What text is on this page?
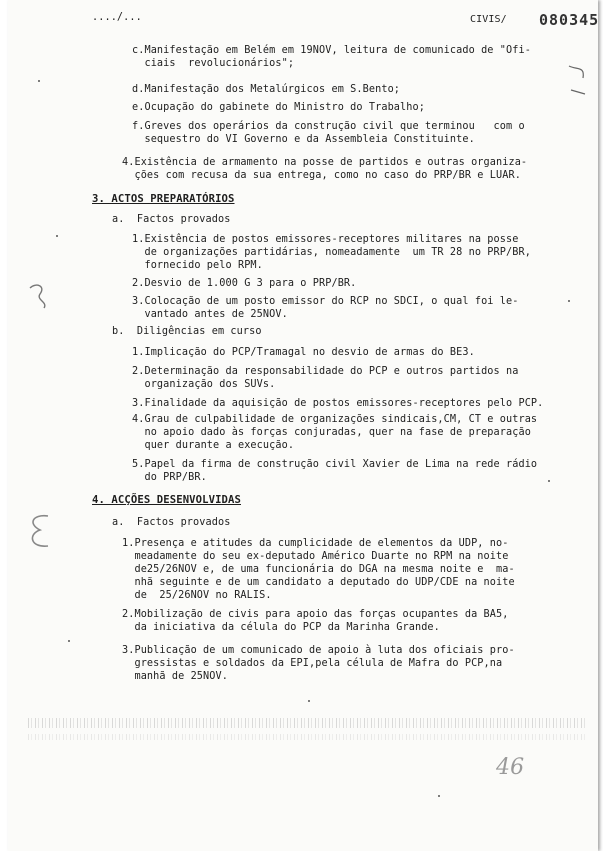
..../...	CIVIS/ 080345
c.Manifestação em Belém em 19NOV, leitura de comunicado de "Ofi-
ciais  revolucionários";
d.Manifestação dos Metalúrgicos em S.Bento;
e.Ocupação do gabinete do Ministro do Trabalho;
f.Greves dos operários da construção civil que terminou   com o
sequestro do VI Governo e da Assembleia Constituinte.
4.Existência de armamento na posse de partidos e outras organiza-
ções com recusa da sua entrega, como no caso do PRP/BR e LUAR.
3. ACTOS PREPARATÓRIOS
a.  Factos provados
1.Existência de postos emissores-receptores militares na posse
de organizações partidárias, nomeadamente  um TR 28 no PRP/BR,
fornecido pelo RPM.
2.Desvio de 1.000 G 3 para o PRP/BR.
3.Colocação de um posto emissor do RCP no SDCI, o qual foi le-
vantado antes de 25NOV.
b.  Diligências em curso
1.Implicação do PCP/Tramagal no desvio de armas do BE3.
2.Determinação da responsabilidade do PCP e outros partidos na
organização dos SUVs.
3.Finalidade da aquisição de postos emissores-receptores pelo PCP.
4.Grau de culpabilidade de organizações sindicais,CM, CT e outras
no apoio dado às forças conjuradas, quer na fase de preparação
quer durante a execução.
5.Papel da firma de construção civil Xavier de Lima na rede rádio
do PRP/BR.
4. ACÇÕES DESENVOLVIDAS
a.  Factos provados
1.Presença e atitudes da cumplicidade de elementos da UDP, no-
meadamente do seu ex-deputado Américo Duarte no RPM na noite
de25/26NOV e, de uma funcionária do DGA na mesma noite e  ma-
nhã seguinte e de um candidato a deputado do UDP/CDE na noite
de  25/26NOV no RALIS.
2.Mobilização de civis para apoio das forças ocupantes da BA5,
da iniciativa da célula do PCP da Marinha Grande.
3.Publicação de um comunicado de apoio à luta dos oficiais pro-
gressistas e soldados da EPI,pela célula de Mafra do PCP,na
manhã de 25NOV.
46
